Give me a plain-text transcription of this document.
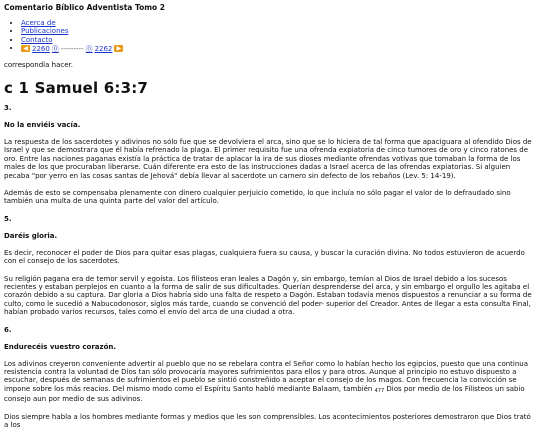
Comentario Bíblico Adventista Tomo 2
• Acerca de
• Publicaciones
• Contacto
• ◀ 2260 ⓪ --------- ⓪ 2262 ▶
correspondía hacer.
c 1 Samuel 6:3:7
3.
No la enviéis vacía.

La respuesta de los sacerdotes y adivinos no sólo fue que se devolviera el arca, sino que se lo hiciera de tal forma que apaciguara al ofendido Dios de Israel y que se demostrara que él había refrenado la plaga. El primer requisito fue una ofrenda expiatoria de cinco tumores de oro y cinco ratones de oro. Entre las naciones paganas existía la práctica de tratar de aplacar la ira de sus dioses mediante ofrendas votivas que tomaban la forma de los males de los que procuraban liberarse. Cuán diferente era esto de las instrucciones dadas a Israel acerca de las ofrendas expiatorias. Si alguien pecaba "por yerro en las cosas santas de Jehová" debía llevar al sacerdote un carnero sin defecto de los rebaños (Lev. 5: 14-19).

Además de esto se compensaba plenamente con dinero cualquier perjuicio cometido, lo que incluía no sólo pagar el valor de lo defraudado sino también una multa de una quinta parte del valor del artículo.

5.
Daréis gloria.

Es decir, reconocer el poder de Dios para quitar esas plagas, cualquiera fuera su causa, y buscar la curación divina. No todos estuvieron de acuerdo con el consejo de los sacerdotes.

Su religión pagana era de temor servil y egoísta. Los filisteos eran leales a Dagón y, sin embargo, temían al Dios de Israel debido a los sucesos recientes y estaban perplejos en cuanto a la forma de salir de sus dificultades. Querían desprenderse del arca, y sin embargo el orgullo les agitaba el corazón debido a su captura. Dar gloria a Dios habría sido una falta de respeto a Dagón. Estaban todavía menos dispuestos a renunciar a su forma de culto, como le sucedió a Nabucodonosor, siglos más tarde, cuando se convenció del poder- superior del Creador. Antes de llegar a esta consulta Final, habían probado varios recursos, tales como el envío del arca de una ciudad a otra.

6.
Endurecéis vuestro corazón.

Los adivinos creyeron conveniente advertir al pueblo que no se rebelara contra el Señor como lo habían hecho los egipcios, puesto que una continua resistencia contra la voluntad de Dios tan sólo provocaría mayores sufrimientos para ellos y para otros. Aunque al principio no estuvo dispuesto a escuchar, después de semanas de sufrimientos el pueblo se sintió constreñido a aceptar el consejo de los magos. Con frecuencia la convicción se impone sobre los más reacios. Del mismo modo como el Espíritu Santo habló mediante Balaam, también 477 Dios por medio de los Filisteos un sabio consejo aun por medio de sus adivinos.

Dios siempre habla a los hombres mediante formas y medios que les son comprensibles. Los acontecimientos posteriores demostraron que Dios trató a los
